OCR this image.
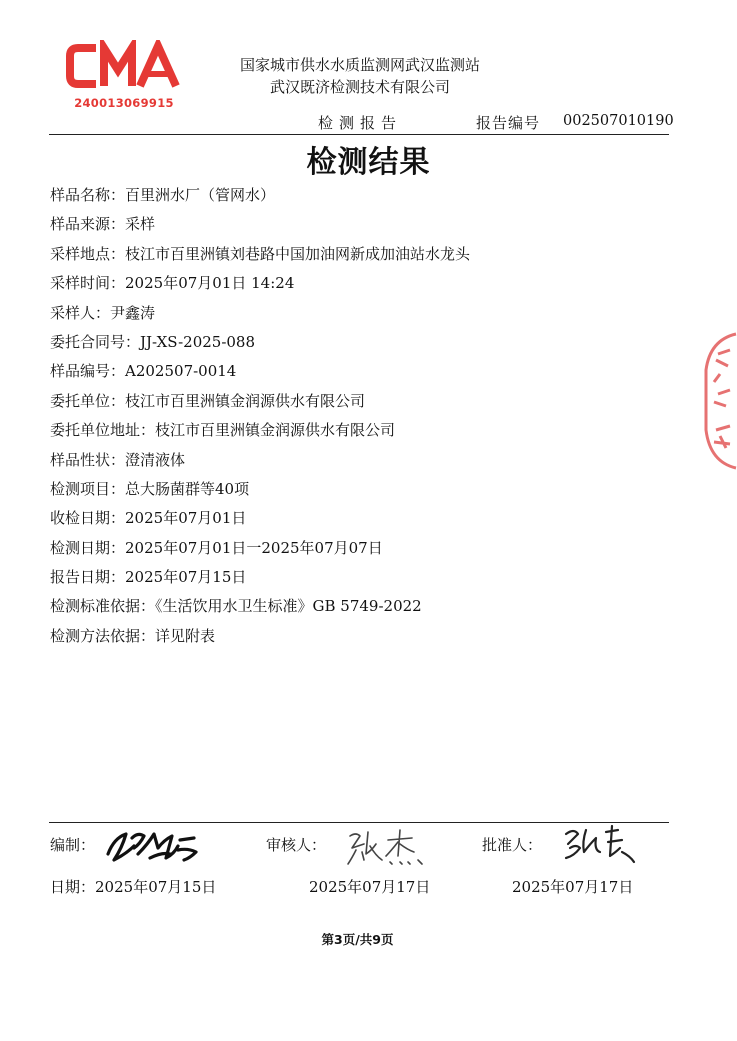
240013069915
国家城市供水水质监测网武汉监测站
武汉既济检测技术有限公司
检测报告	报告编号 002507010190
检测结果
样品名称：百里洲水厂（管网水）
样品来源：采样
采样地点：枝江市百里洲镇刘巷路中国加油网新成加油站水龙头
采样时间：2025年07月01日 14:24
采样人：尹鑫涛
委托合同号：JJ-XS-2025-088
样品编号：A202507-0014
委托单位：枝江市百里洲镇金润源供水有限公司
委托单位地址：枝江市百里洲镇金润源供水有限公司
样品性状：澄清液体
检测项目：总大肠菌群等40项
收检日期：2025年07月01日
检测日期：2025年07月01日一2025年07月07日
报告日期：2025年07月15日
检测标准依据：《生活饮用水卫生标准》GB 5749-2022
检测方法依据：详见附表
编制：	审核人：	批准人：
日期：2025年07月15日	2025年07月17日	2025年07月17日
第3页/共9页
